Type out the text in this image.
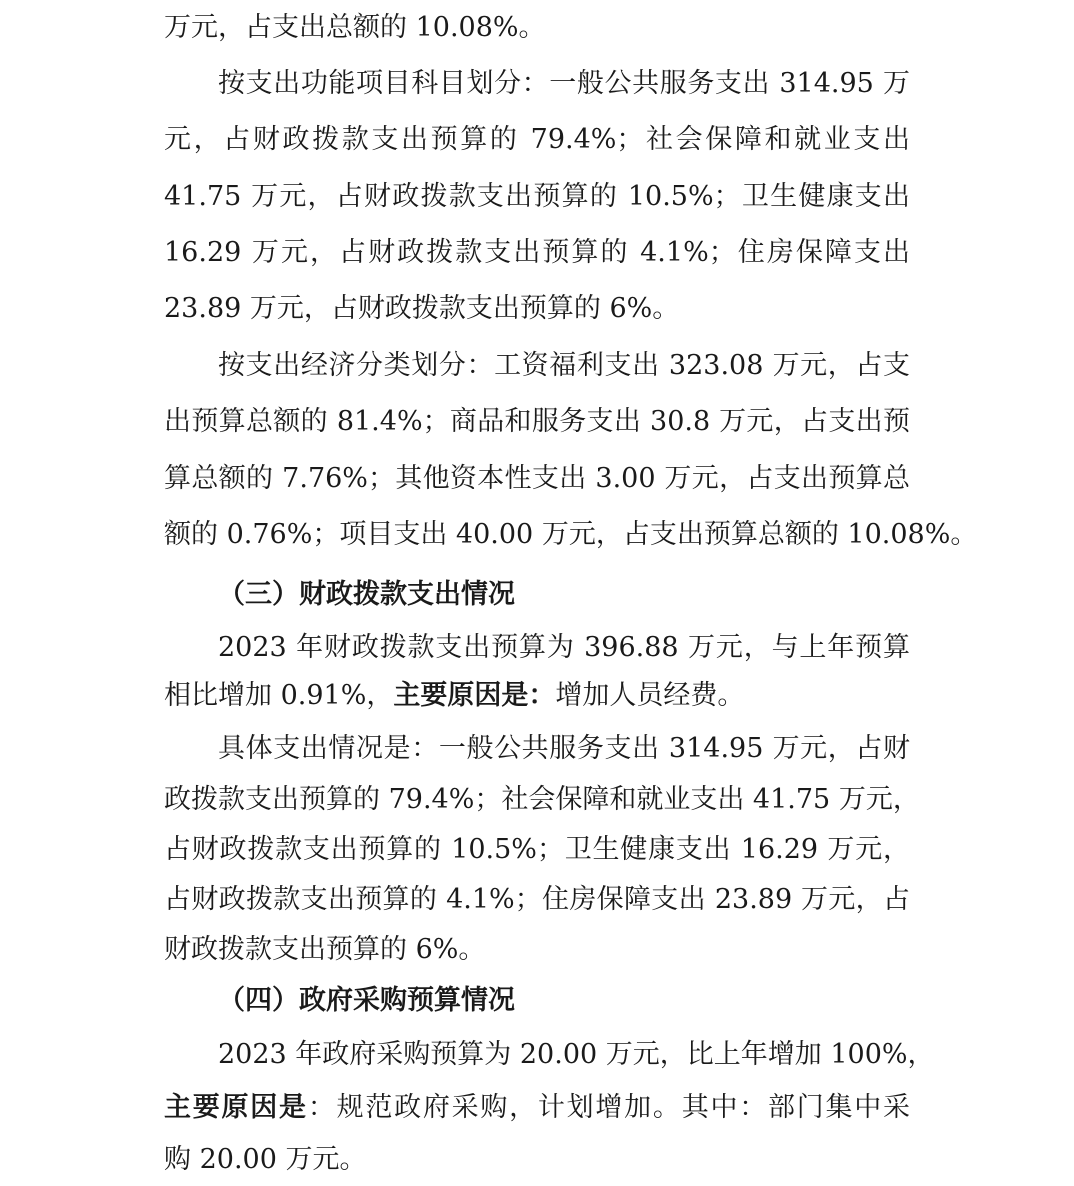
万元，占支出总额的 10.08%。
按支出功能项目科目划分：一般公共服务支出 314.95 万
元，占财政拨款支出预算的 79.4%；社会保障和就业支出
41.75 万元，占财政拨款支出预算的 10.5%；卫生健康支出
16.29 万元，占财政拨款支出预算的 4.1%；住房保障支出
23.89 万元，占财政拨款支出预算的 6%。
按支出经济分类划分：工资福利支出 323.08 万元，占支
出预算总额的 81.4%；商品和服务支出 30.8 万元，占支出预
算总额的 7.76%；其他资本性支出 3.00 万元，占支出预算总
额的 0.76%；项目支出 40.00 万元，占支出预算总额的 10.08%。
（三）财政拨款支出情况
2023 年财政拨款支出预算为 396.88 万元，与上年预算
相比增加 0.91%，主要原因是：增加人员经费。
具体支出情况是：一般公共服务支出 314.95 万元，占财
政拨款支出预算的 79.4%；社会保障和就业支出 41.75 万元，
占财政拨款支出预算的 10.5%；卫生健康支出 16.29 万元，
占财政拨款支出预算的 4.1%；住房保障支出 23.89 万元，占
财政拨款支出预算的 6%。
（四）政府采购预算情况
2023 年政府采购预算为 20.00 万元，比上年增加 100%，
主要原因是：规范政府采购，计划增加。其中：部门集中采
购 20.00 万元。
